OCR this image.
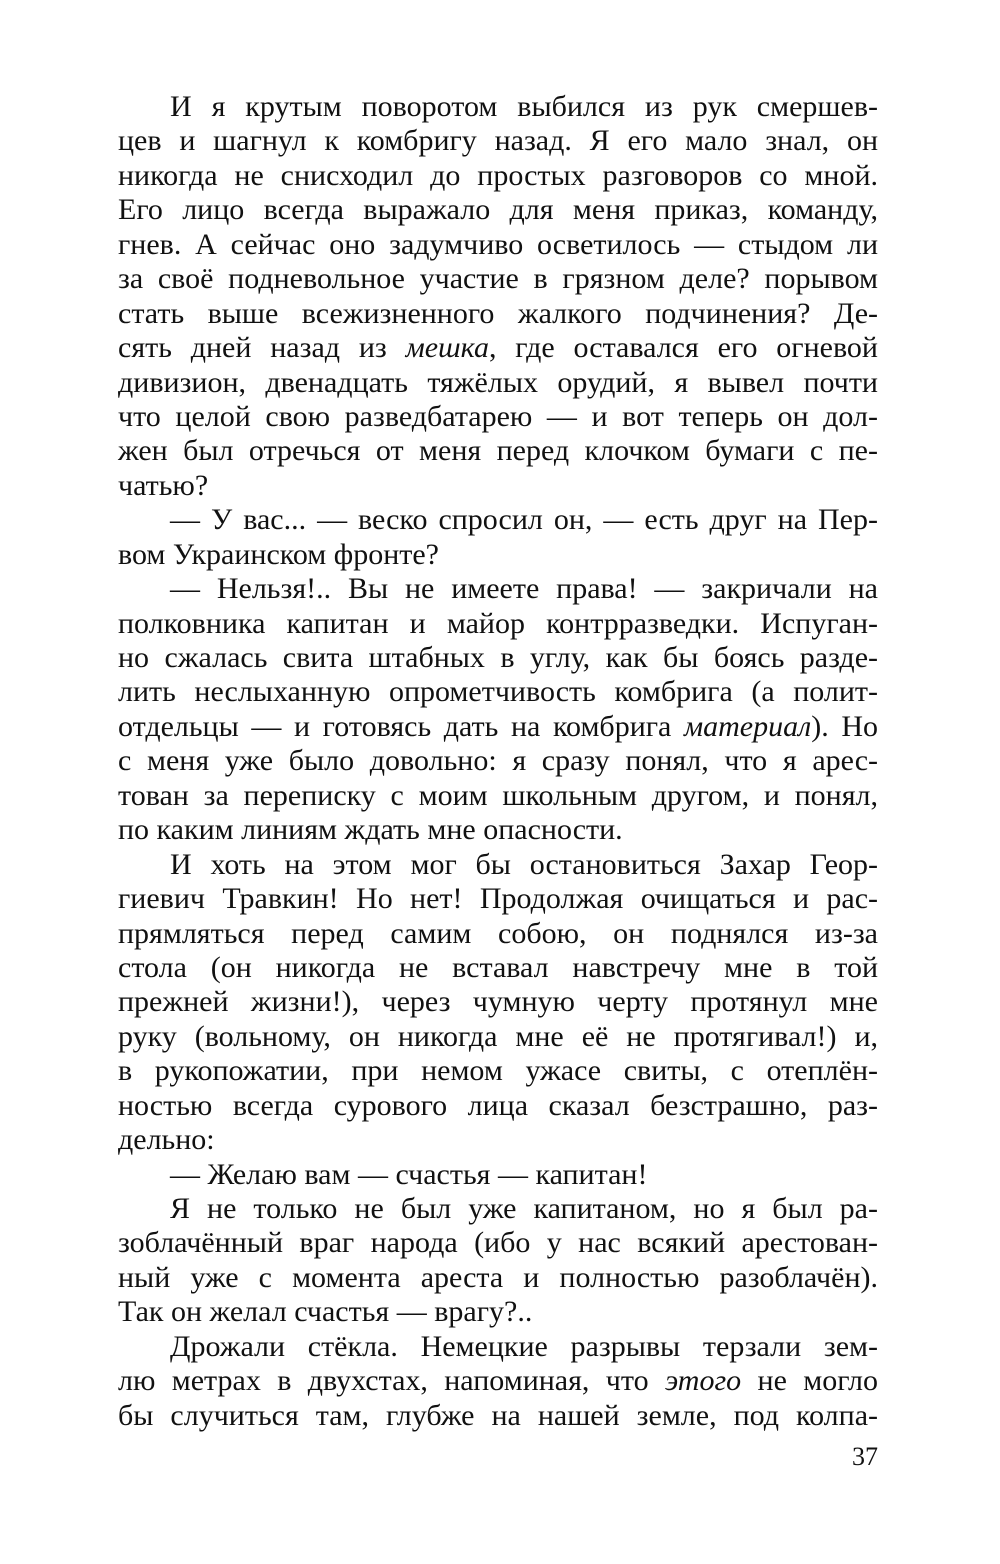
И я крутым поворотом выбился из рук смершев-
цев и шагнул к комбригу назад. Я его мало знал, он
никогда не снисходил до простых разговоров со мной.
Его лицо всегда выражало для меня приказ, команду,
гнев. А сейчас оно задумчиво осветилось — стыдом ли
за своё подневольное участие в грязном деле? порывом
стать выше всежизненного жалкого подчинения? Де-
сять дней назад из мешка, где оставался его огневой
дивизион, двенадцать тяжёлых орудий, я вывел почти
что целой свою разведбатарею — и вот теперь он дол-
жен был отречься от меня перед клочком бумаги с пе-
чатью?
— У вас... — веско спросил он, — есть друг на Пер-
вом Украинском фронте?
— Нельзя!.. Вы не имеете права! — закричали на
полковника капитан и майор контрразведки. Испуган-
но сжалась свита штабных в углу, как бы боясь разде-
лить неслыханную опрометчивость комбрига (а полит-
отдельцы — и готовясь дать на комбрига материал). Но
с меня уже было довольно: я сразу понял, что я арес-
тован за переписку с моим школьным другом, и понял,
по каким линиям ждать мне опасности.
И хоть на этом мог бы остановиться Захар Геор-
гиевич Травкин! Но нет! Продолжая очищаться и рас-
прямляться перед самим собою, он поднялся из-за
стола (он никогда не вставал навстречу мне в той
прежней жизни!), через чумную черту протянул мне
руку (вольному, он никогда мне её не протягивал!) и,
в рукопожатии, при немом ужасе свиты, с отеплён-
ностью всегда сурового лица сказал безстрашно, раз-
дельно:
— Желаю вам — счастья — капитан!
Я не только не был уже капитаном, но я был ра-
зоблачённый враг народа (ибо у нас всякий арестован-
ный уже с момента ареста и полностью разоблачён).
Так он желал счастья — врагу?..
Дрожали стёкла. Немецкие разрывы терзали зем-
лю метрах в двухстах, напоминая, что этого не могло
бы случиться там, глубже на нашей земле, под колпа-
37
